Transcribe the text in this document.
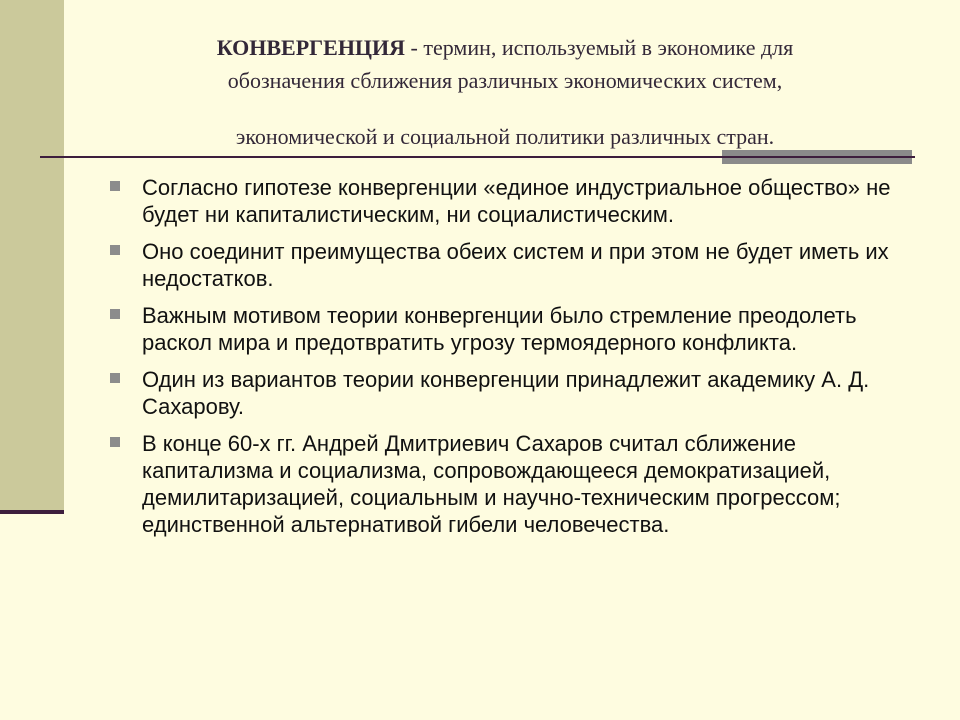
КОНВЕРГЕНЦИЯ - термин, используемый в экономике для
обозначения сближения различных экономических систем,
экономической и социальной политики различных стран.
Согласно гипотезе конвергенции «единое индустриальное общество» не будет ни капиталистическим, ни социалистическим.
Оно соединит преимущества обеих систем и при этом не будет иметь их недостатков.
Важным мотивом теории конвергенции было стремление преодолеть раскол мира и предотвратить угрозу термоядерного конфликта.
Один из вариантов теории конвергенции принадлежит академику А. Д. Сахарову.
В конце 60-х гг. Андрей Дмитриевич Сахаров считал сближение капитализма и социализма, сопровождающееся демократизацией, демилитаризацией, социальным и научно-техническим прогрессом; единственной альтернативой гибели человечества.
